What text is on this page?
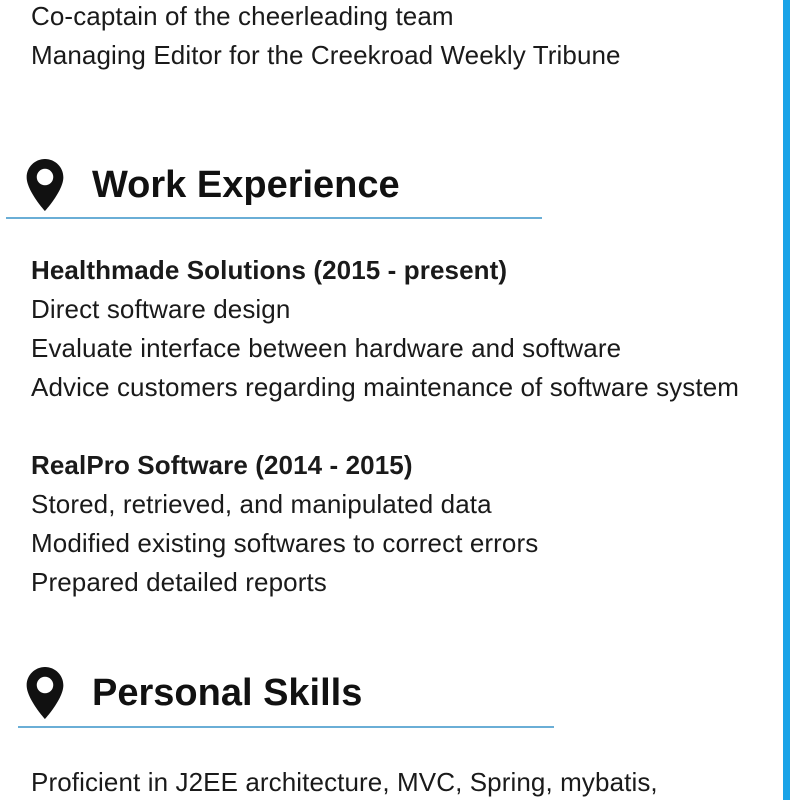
Co-captain of the cheerleading team
Managing Editor for the Creekroad Weekly Tribune
Work Experience
Healthmade Solutions (2015 - present)
Direct software design
Evaluate interface between hardware and software
Advice customers regarding maintenance of software system
RealPro Software (2014 - 2015)
Stored, retrieved, and manipulated data
Modified existing softwares to correct errors
Prepared detailed reports
Personal Skills
Proficient in J2EE architecture, MVC, Spring, mybatis,
